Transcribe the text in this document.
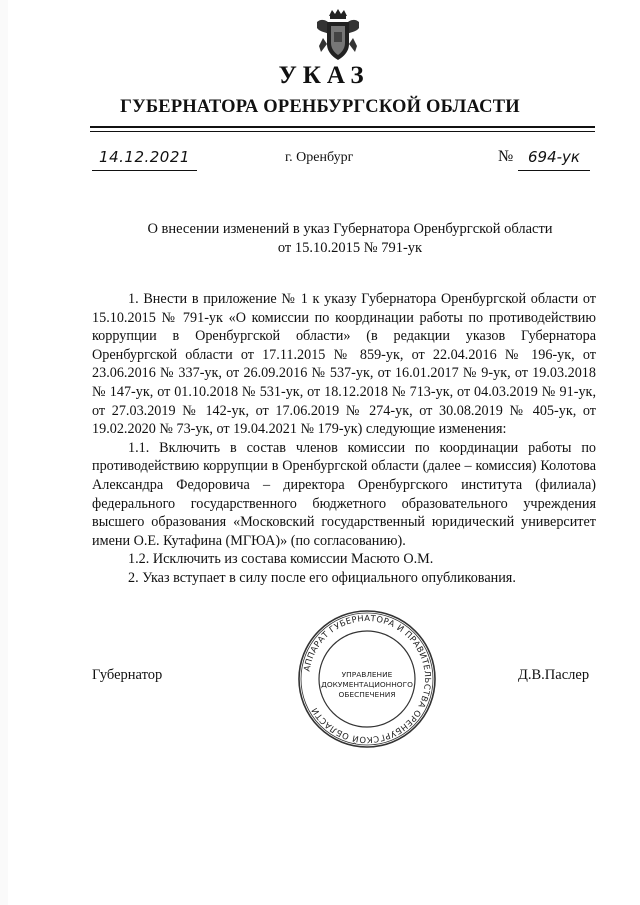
УКАЗ
ГУБЕРНАТОРА ОРЕНБУРГСКОЙ ОБЛАСТИ
14.12.2021	г. Оренбург	№ 694-ук
О внесении изменений в указ Губернатора Оренбургской области
от 15.10.2015 № 791-ук

1. Внести в приложение № 1 к указу Губернатора Оренбургской области от 15.10.2015 № 791-ук «О комиссии по координации работы по противодействию коррупции в Оренбургской области» (в редакции указов Губернатора Оренбургской области от 17.11.2015 № 859-ук, от 22.04.2016 № 196-ук, от 23.06.2016 № 337-ук, от 26.09.2016 № 537-ук, от 16.01.2017 № 9-ук, от 19.03.2018 № 147-ук, от 01.10.2018 № 531-ук, от 18.12.2018 № 713-ук, от 04.03.2019 № 91-ук, от 27.03.2019 № 142-ук, от 17.06.2019 № 274-ук, от 30.08.2019 № 405-ук, от 19.02.2020 № 73-ук, от 19.04.2021 № 179-ук) следующие изменения:

1.1. Включить в состав членов комиссии по координации работы по противодействию коррупции в Оренбургской области (далее – комиссия) Колотова Александра Федоровича – директора Оренбургского института (филиала) федерального государственного бюджетного образовательного учреждения высшего образования «Московский государственный юридический университет имени О.Е. Кутафина (МГЮА)» (по согласованию).

1.2. Исключить из состава комиссии Масюто О.М.

2. Указ вступает в силу после его официального опубликования.

Губернатор	Д.В.Паслер
АППАРАТ ГУБЕРНАТОРА И ПРАВИТЕЛЬСТВА ОРЕНБУРГСКОЙ ОБЛАСТИ
УПРАВЛЕНИЕ
ДОКУМЕНТАЦИОННОГО
ОБЕСПЕЧЕНИЯ
